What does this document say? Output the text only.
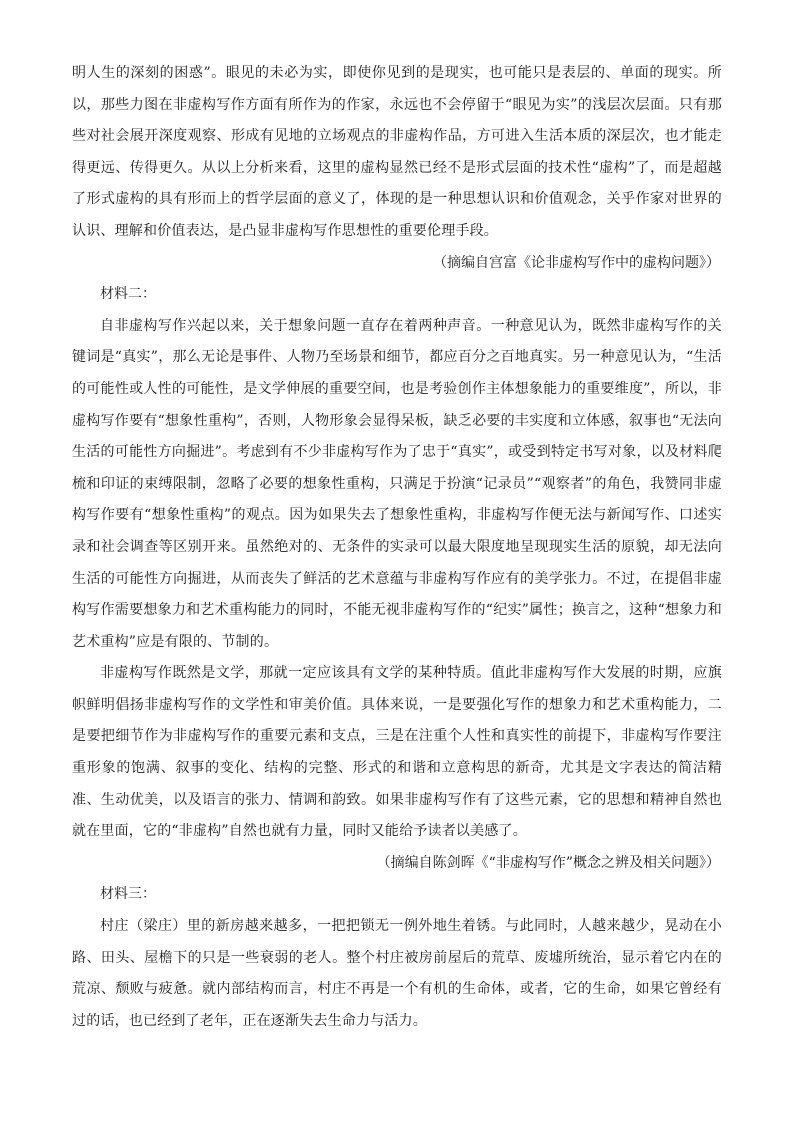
明人生的深刻的困惑”。眼见的未必为实，即使你见到的是现实，也可能只是表层的、单面的现实。所以，那些力图在非虚构写作方面有所作为的作家，永远也不会停留于“眼见为实”的浅层次层面。只有那些对社会展开深度观察、形成有见地的立场观点的非虚构作品，方可进入生活本质的深层次，也才能走得更远、传得更久。从以上分析来看，这里的虚构显然已经不是形式层面的技术性“虚构”了，而是超越了形式虚构的具有形而上的哲学层面的意义了，体现的是一种思想认识和价值观念，关乎作家对世界的认识、理解和价值表达，是凸显非虚构写作思想性的重要伦理手段。

（摘编自宫富《论非虚构写作中的虚构问题》）

材料二：

自非虚构写作兴起以来，关于想象问题一直存在着两种声音。一种意见认为，既然非虚构写作的关键词是“真实”，那么无论是事件、人物乃至场景和细节，都应百分之百地真实。另一种意见认为，“生活的可能性或人性的可能性，是文学伸展的重要空间，也是考验创作主体想象能力的重要维度”，所以，非虚构写作要有“想象性重构”，否则，人物形象会显得呆板，缺乏必要的丰实度和立体感，叙事也“无法向生活的可能性方向掘进”。考虑到有不少非虚构写作为了忠于“真实”，或受到特定书写对象，以及材料爬梳和印证的束缚限制，忽略了必要的想象性重构，只满足于扮演“记录员”“观察者”的角色，我赞同非虚构写作要有“想象性重构”的观点。因为如果失去了想象性重构，非虚构写作便无法与新闻写作、口述实录和社会调查等区别开来。虽然绝对的、无条件的实录可以最大限度地呈现现实生活的原貌，却无法向生活的可能性方向掘进，从而丧失了鲜活的艺术意蕴与非虚构写作应有的美学张力。不过，在提倡非虚构写作需要想象力和艺术重构能力的同时，不能无视非虚构写作的“纪实”属性；换言之，这种“想象力和艺术重构”应是有限的、节制的。

非虚构写作既然是文学，那就一定应该具有文学的某种特质。值此非虚构写作大发展的时期，应旗帜鲜明倡扬非虚构写作的文学性和审美价值。具体来说，一是要强化写作的想象力和艺术重构能力，二是要把细节作为非虚构写作的重要元素和支点，三是在注重个人性和真实性的前提下，非虚构写作要注重形象的饱满、叙事的变化、结构的完整、形式的和谐和立意构思的新奇，尤其是文字表达的简洁精准、生动优美，以及语言的张力、情调和韵致。如果非虚构写作有了这些元素，它的思想和精神自然也就在里面，它的“非虚构”自然也就有力量，同时又能给予读者以美感了。

（摘编自陈剑晖《“非虚构写作”概念之辨及相关问题》）

材料三：

村庄（梁庄）里的新房越来越多，一把把锁无一例外地生着锈。与此同时，人越来越少，晃动在小路、田头、屋檐下的只是一些衰弱的老人。整个村庄被房前屋后的荒草、废墟所统治，显示着它内在的荒凉、颓败与疲惫。就内部结构而言，村庄不再是一个有机的生命体，或者，它的生命，如果它曾经有过的话，也已经到了老年，正在逐渐失去生命力与活力。
